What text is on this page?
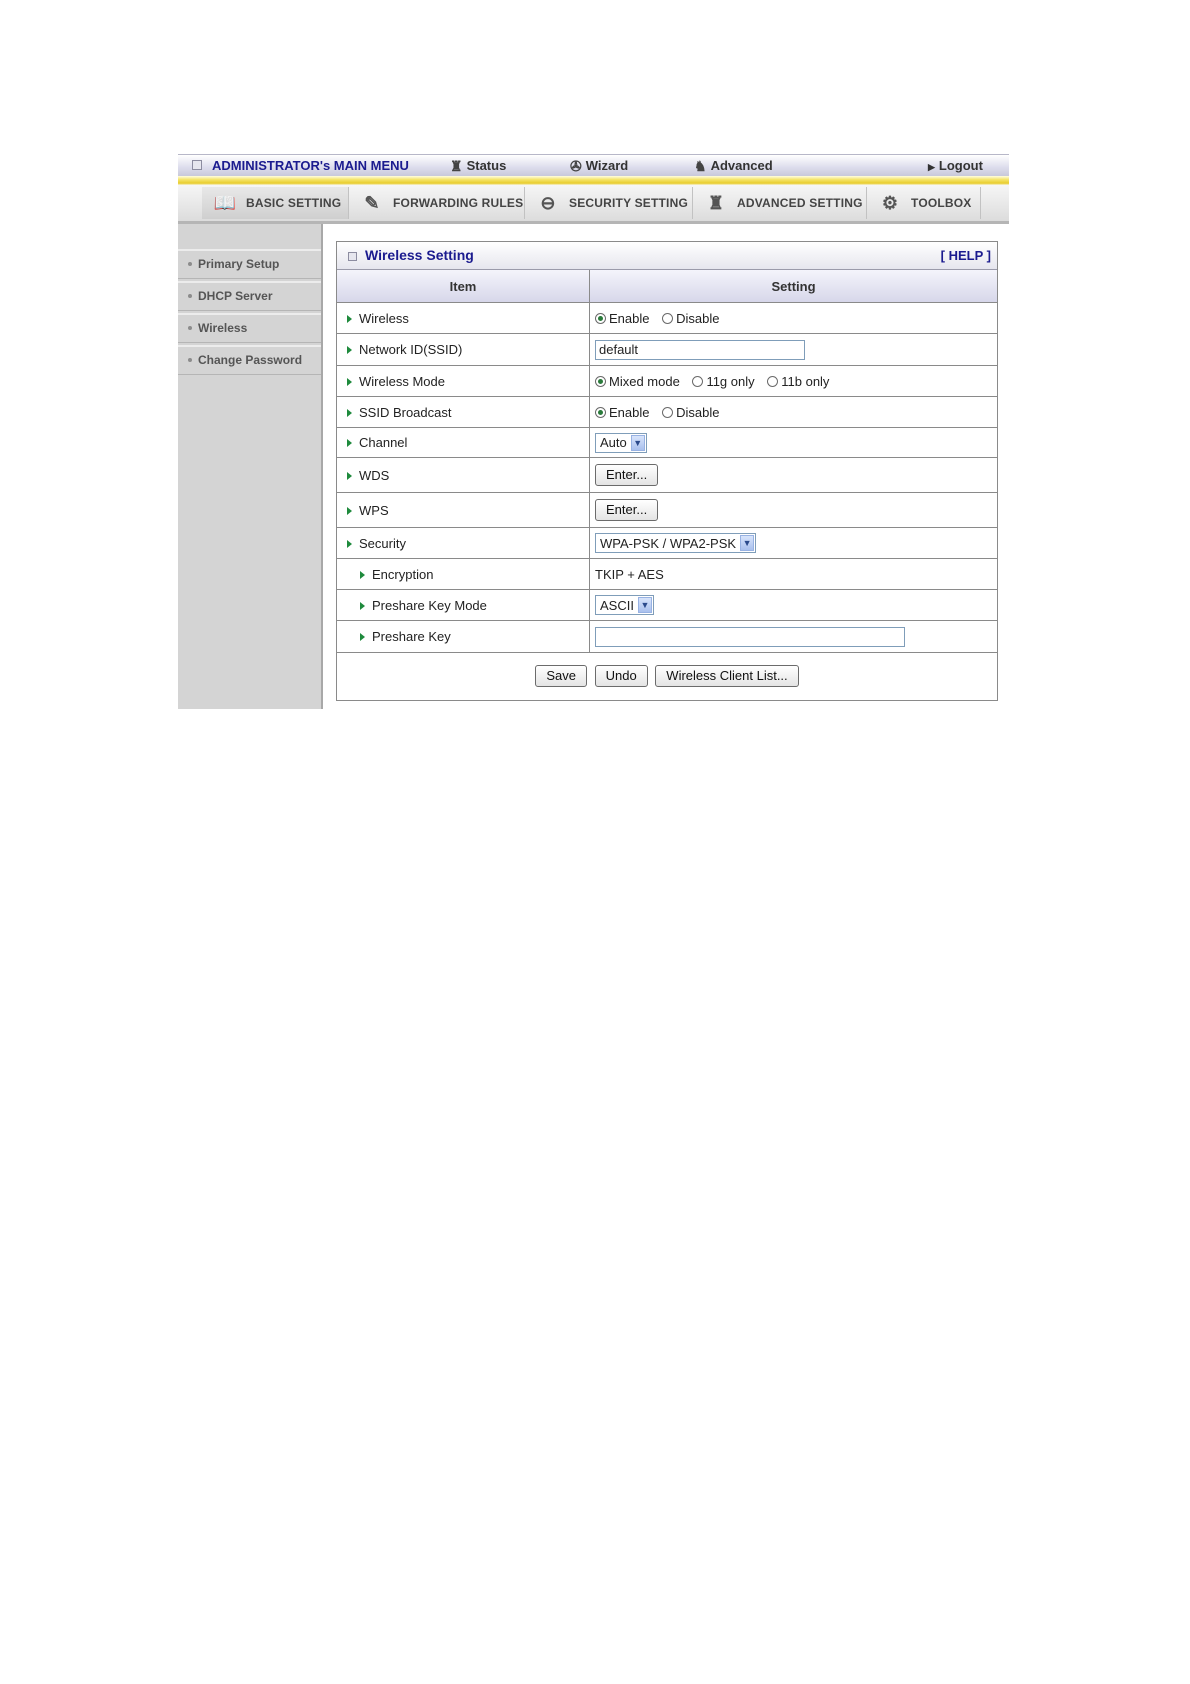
ADMINISTRATOR's MAIN MENU	♜ Status	✇ Wizard	♞ Advanced	▶ Logout
📖 BASIC SETTING ✎	FORWARDING RULES ⊖	SECURITY SETTING ♜	ADVANCED SETTING ⚙	TOOLBOX
Primary Setup
DHCP Server
Wireless
Change Password
Wireless Setting	[ HELP ]
Item	Setting
Wireless	Enable Disable
Network ID(SSID)	default
Wireless Mode	Mixed mode 11g only 11b only
SSID Broadcast	Enable Disable
Channel	Auto ▼

WDS	Enter...
WPS	Enter...
Security	WPA-PSK / WPA2-PSK ▼

Encryption	TKIP + AES
Preshare Key Mode	ASCII ▼

Preshare Key	
Save Undo Wireless Client List...	
